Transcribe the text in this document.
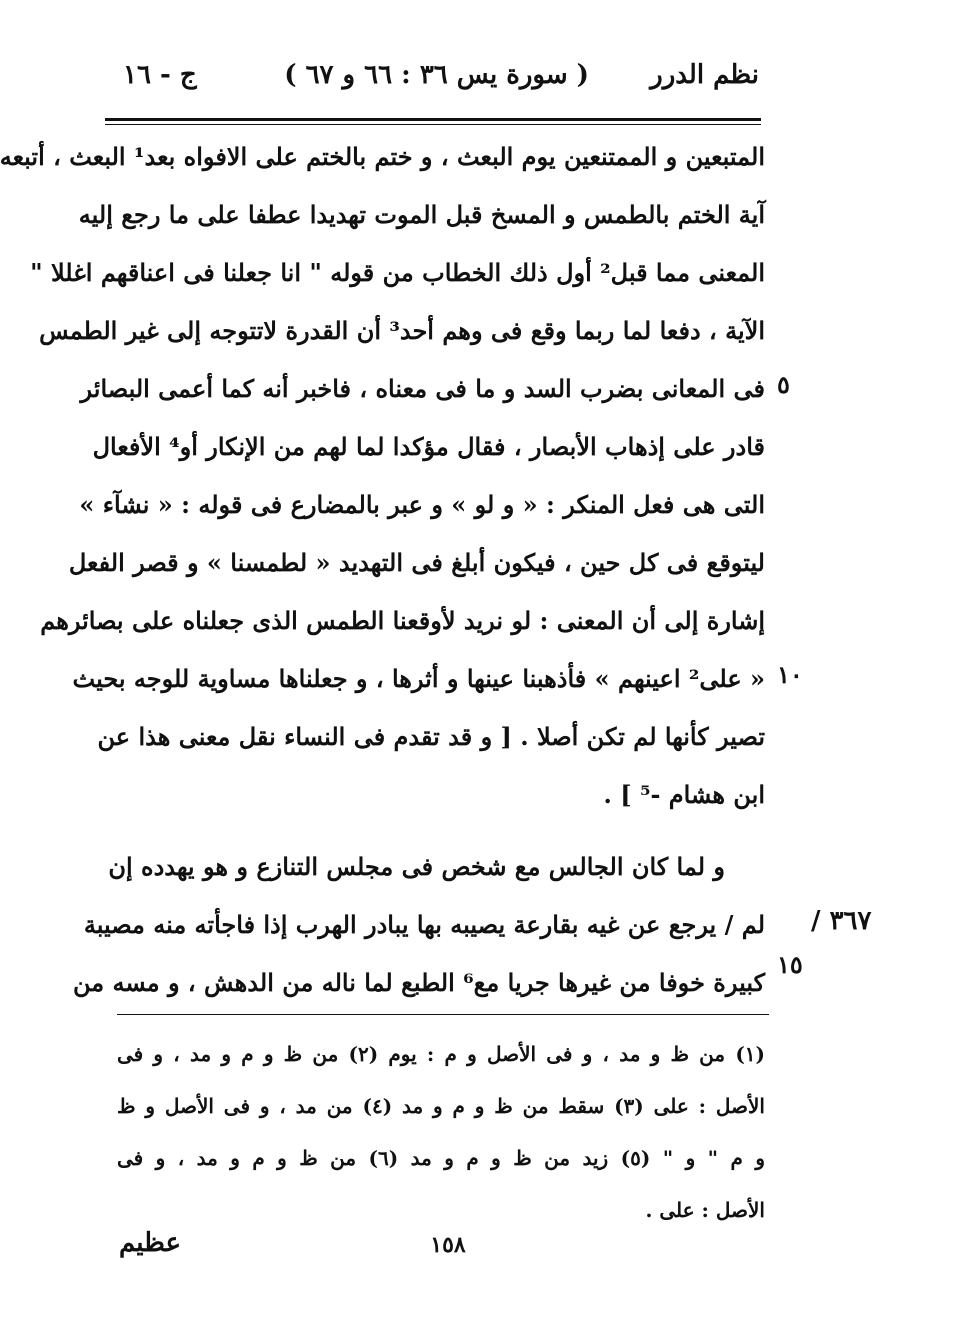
نظم الدرر
( سورة يس ٣٦ : ٦٦ و ٦٧ )
ج - ١٦
المتبعين و الممتنعين يوم البعث ، و ختم بالختم على الافواه بعد¹ البعث ، أتبعه
آية الختم بالطمس و المسخ قبل الموت تهديدا عطفا على ما رجع إليه
المعنى مما قبل² أول ذلك الخطاب من قوله " انا جعلنا فى اعناقهم اغللا "
الآية ، دفعا لما ربما وقع فى وهم أحد³ أن القدرة لاتتوجه إلى غير الطمس
فى المعانى بضرب السد و ما فى معناه ، فاخبر أنه كما أعمى البصائر
قادر على إذهاب الأبصار ، فقال مؤكدا لما لهم من الإنكار أو⁴ الأفعال
التى هى فعل المنكر : « و لو » و عبر بالمضارع فى قوله : « نشآء »
ليتوقع فى كل حين ، فيكون أبلغ فى التهديد « لطمسنا » و قصر الفعل
إشارة إلى أن المعنى : لو نريد لأوقعنا الطمس الذى جعلناه على بصائرهم
« على² اعينهم » فأذهبنا عينها و أثرها ، و جعلناها مساوية للوجه بحيث
تصير كأنها لم تكن أصلا . [ و قد تقدم فى النساء نقل معنى هذا عن
ابن هشام -⁵ ] .
و لما كان الجالس مع شخص فى مجلس التنازع و هو يهدده إن
لم / يرجع عن غيه بقارعة يصيبه بها يبادر الهرب إذا فاجأته منه مصيبة
كبيرة خوفا من غيرها جريا مع⁶ الطبع لما ناله من الدهش ، و مسه من
٥
١٠
١٥
٣٦٧ /
(١) من ظ و مد ، و فى الأصل و م : يوم (٢) من ظ و م و مد ، و فى
الأصل : على (٣) سقط من ظ و م و مد (٤) من مد ، و فى الأصل و ظ
و م " و " (٥) زيد من ظ و م و مد (٦) من ظ و م و مد ، و فى
الأصل : على .
١٥٨
عظيم
